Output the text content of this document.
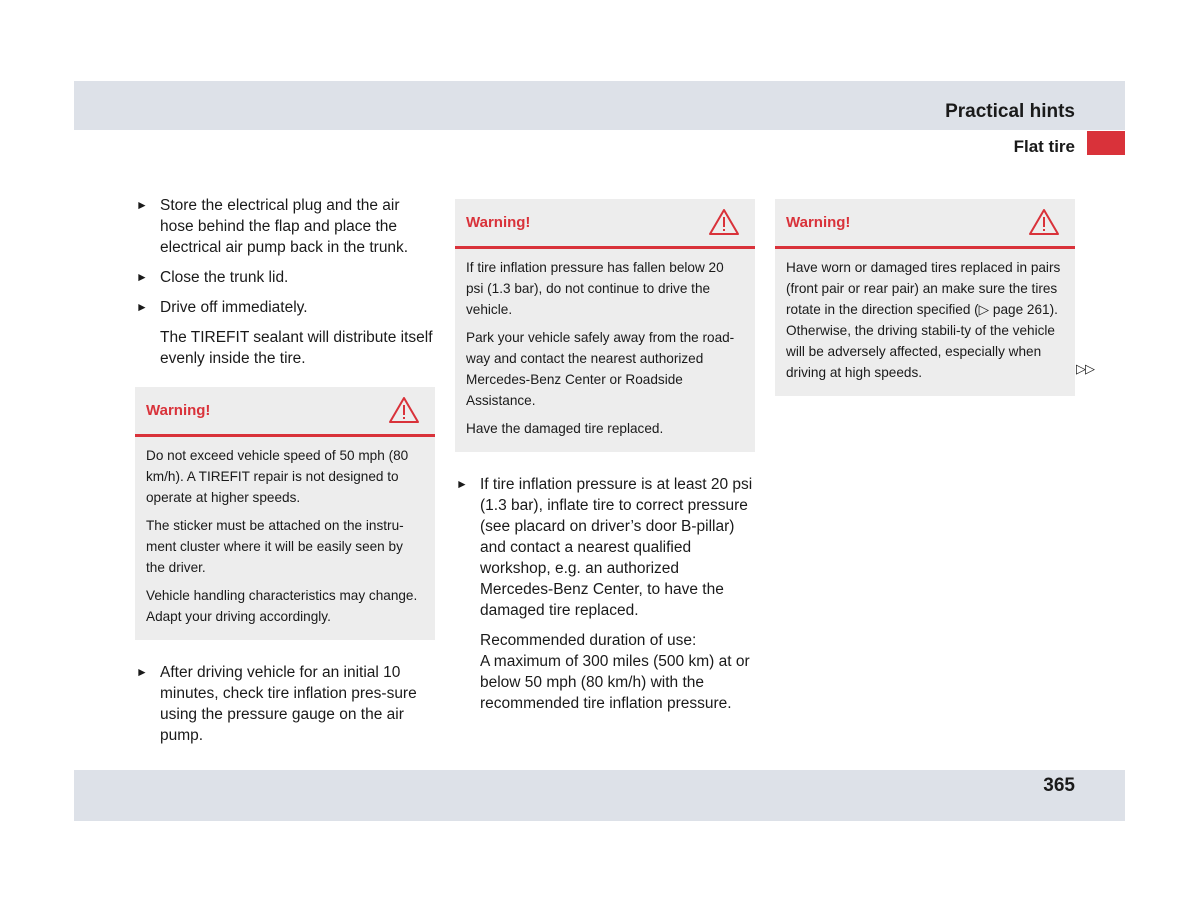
Practical hints
Flat tire
► Store the electrical plug and the air hose behind the flap and place the electrical air pump back in the trunk.
► Close the trunk lid.
► Drive off immediately.
The TIREFIT sealant will distribute itself evenly inside the tire.
Warning!

Do not exceed vehicle speed of 50 mph (80 km/h). A TIREFIT repair is not designed to operate at higher speeds.

The sticker must be attached on the instru-ment cluster where it will be easily seen by the driver.

Vehicle handling characteristics may change. Adapt your driving accordingly.

► After driving vehicle for an initial 10 minutes, check tire inflation pres-sure using the pressure gauge on the air pump.
Warning!

If tire inflation pressure has fallen below 20 psi (1.3 bar), do not continue to drive the vehicle.

Park your vehicle safely away from the road-way and contact the nearest authorized Mercedes-Benz Center or Roadside Assistance.

Have the damaged tire replaced.

► If tire inflation pressure is at least 20 psi (1.3 bar), inflate tire to correct pressure (see placard on driver’s door B-pillar) and contact a nearest qualified workshop, e.g. an authorized Mercedes-Benz Center, to have the damaged tire replaced.
Recommended duration of use:
A maximum of 300 miles (500 km) at or below 50 mph (80 km/h) with the recommended tire inflation pressure.
Warning!

Have worn or damaged tires replaced in pairs (front pair or rear pair) an make sure the tires rotate in the direction specified (▷ page 261). Otherwise, the driving stabili-ty of the vehicle will be adversely affected, especially when driving at high speeds.	▷▷
365
